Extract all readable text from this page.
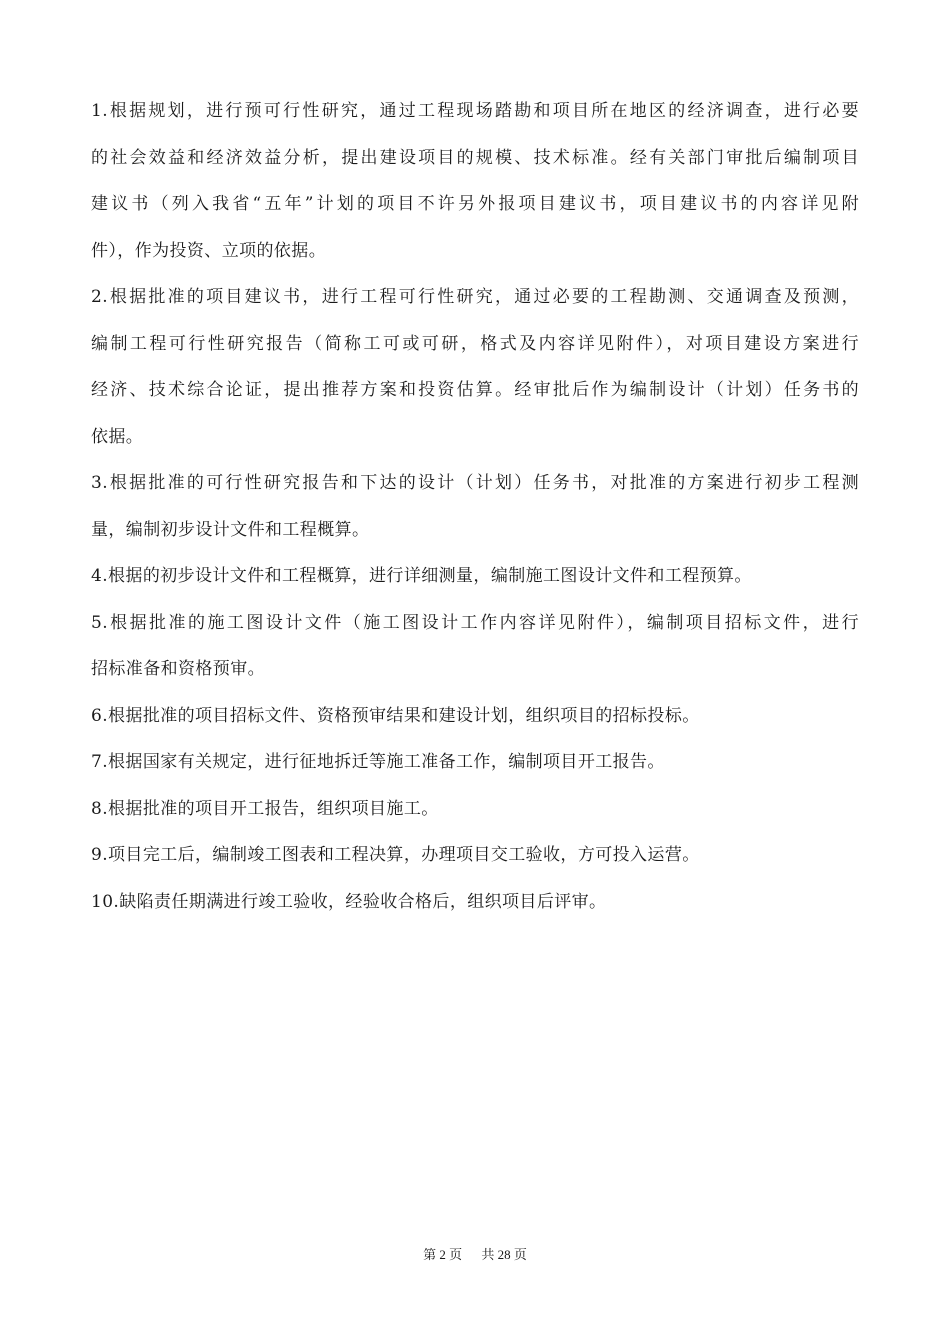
1.根据规划，进行预可行性研究，通过工程现场踏勘和项目所在地区的经济调查，进行必要
的社会效益和经济效益分析，提出建设项目的规模、技术标准。经有关部门审批后编制项目
建议书（列入我省“五年”计划的项目不许另外报项目建议书，项目建议书的内容详见附
件），作为投资、立项的依据。

2.根据批准的项目建议书，进行工程可行性研究，通过必要的工程勘测、交通调查及预测，
编制工程可行性研究报告（简称工可或可研，格式及内容详见附件），对项目建设方案进行
经济、技术综合论证，提出推荐方案和投资估算。经审批后作为编制设计（计划）任务书的
依据。

3.根据批准的可行性研究报告和下达的设计（计划）任务书，对批准的方案进行初步工程测
量，编制初步设计文件和工程概算。

4.根据的初步设计文件和工程概算，进行详细测量，编制施工图设计文件和工程预算。

5.根据批准的施工图设计文件（施工图设计工作内容详见附件），编制项目招标文件，进行
招标准备和资格预审。

6.根据批准的项目招标文件、资格预审结果和建设计划，组织项目的招标投标。

7.根据国家有关规定，进行征地拆迁等施工准备工作，编制项目开工报告。

8.根据批准的项目开工报告，组织项目施工。

9.项目完工后，编制竣工图表和工程决算，办理项目交工验收，方可投入运营。

10.缺陷责任期满进行竣工验收，经验收合格后，组织项目后评审。

第 2 页 共 28 页
